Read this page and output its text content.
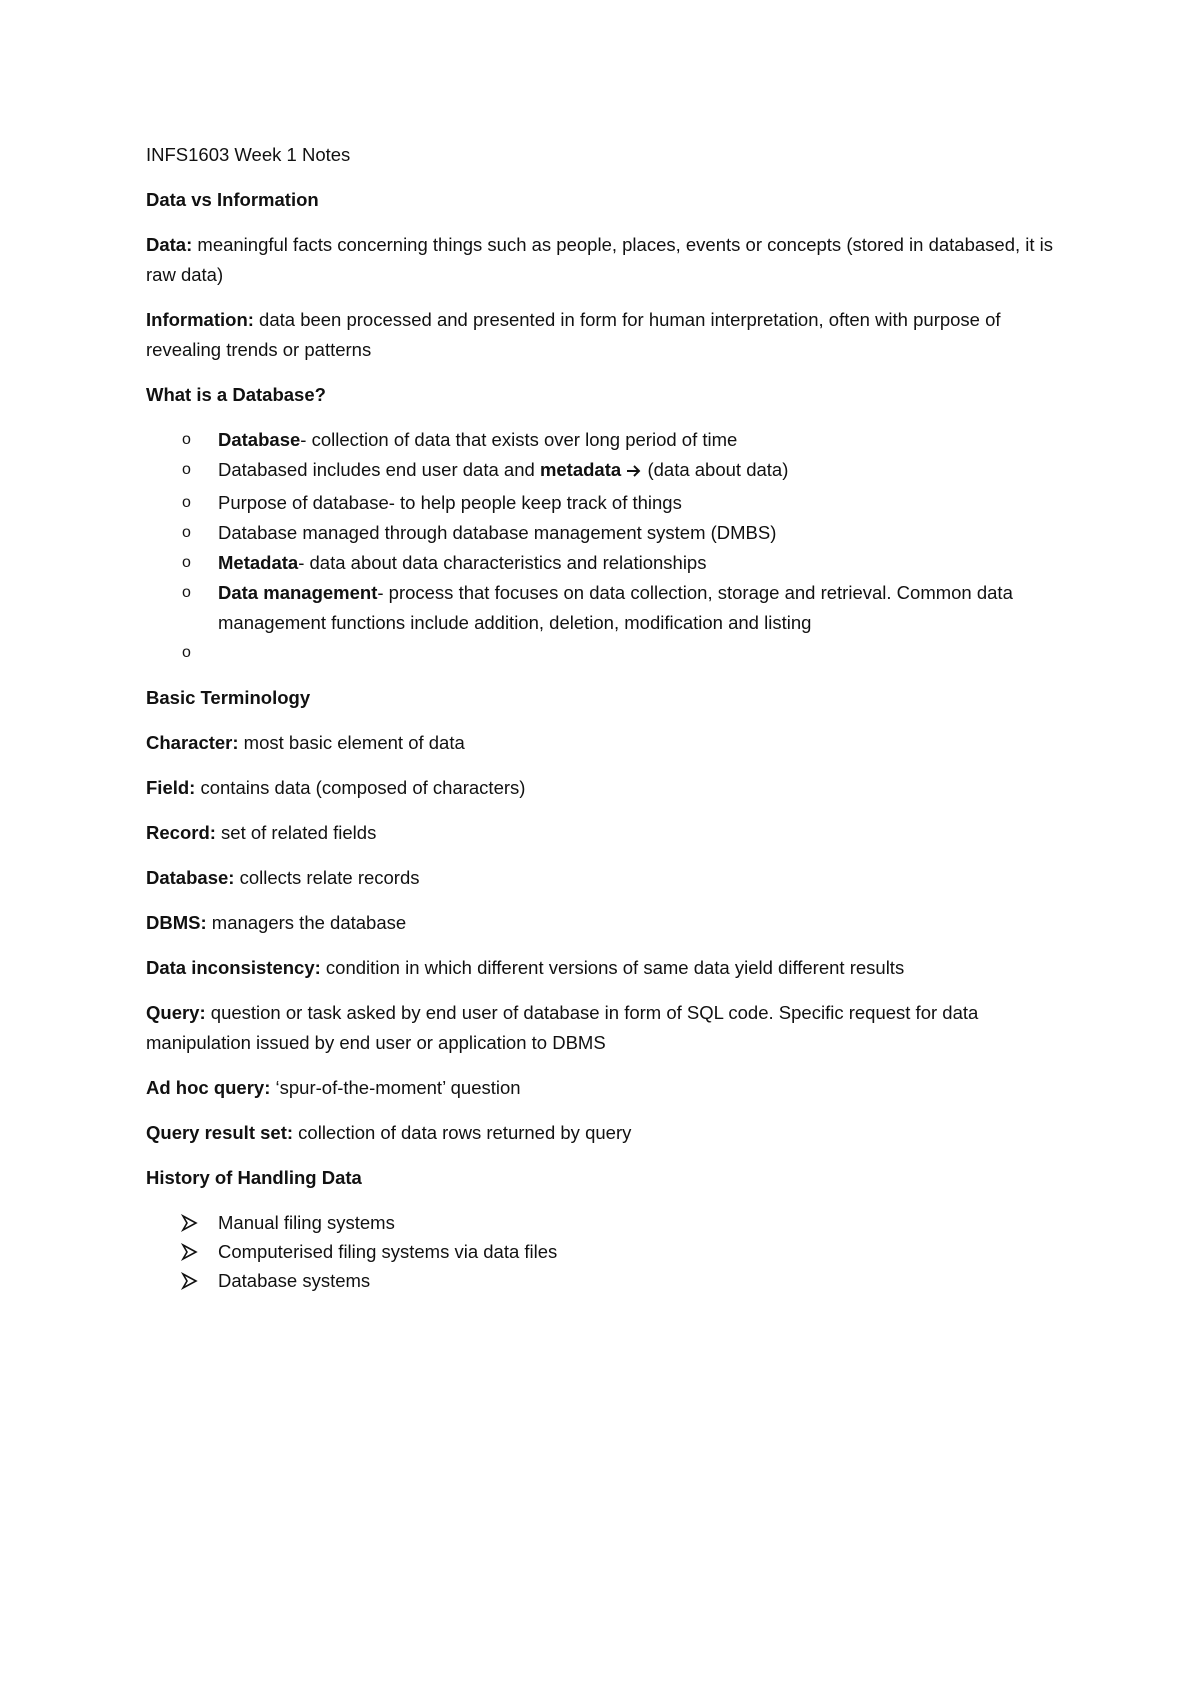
INFS1603 Week 1 Notes

Data vs Information

Data: meaningful facts concerning things such as people, places, events or concepts (stored in databased, it is raw data)

Information: data been processed and presented in form for human interpretation, often with purpose of revealing trends or patterns

What is a Database?

o Database- collection of data that exists over long period of time
o Databased includes end user data and metadata  (data about data)
o Purpose of database- to help people keep track of things
o Database managed through database management system (DMBS)
o Metadata- data about data characteristics and relationships
o Data management- process that focuses on data collection, storage and retrieval. Common data management functions include addition, deletion, modification and listing
o

Basic Terminology

Character: most basic element of data

Field: contains data (composed of characters)

Record: set of related fields

Database: collects relate records

DBMS: managers the database

Data inconsistency: condition in which different versions of same data yield different results

Query: question or task asked by end user of database in form of SQL code. Specific request for data manipulation issued by end user or application to DBMS

Ad hoc query: ‘spur-of-the-moment’ question

Query result set: collection of data rows returned by query

History of Handling Data

Manual filing systems
Computerised filing systems via data files
Database systems
